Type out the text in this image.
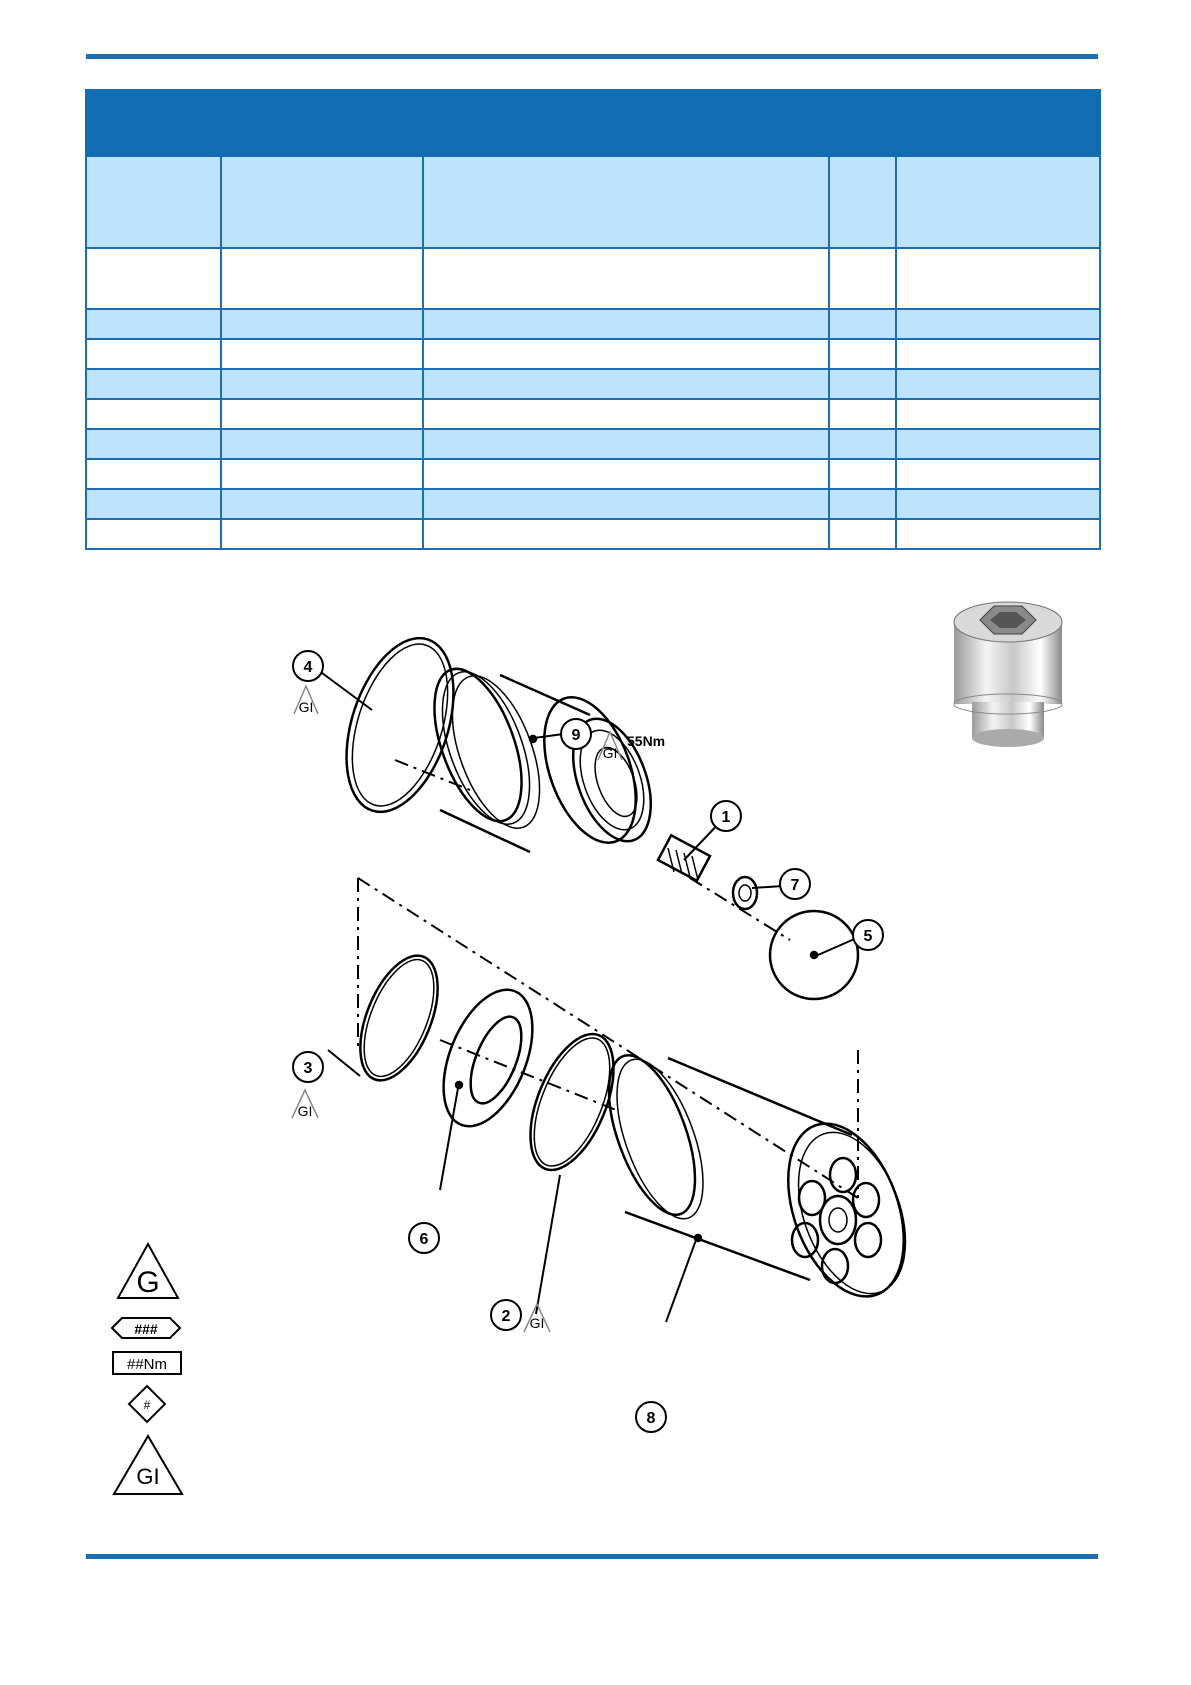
4
9
1
7
5
3
6
2
8
GI
GI
55Nm
GI
GI
G
###
##Nm
#
GI
